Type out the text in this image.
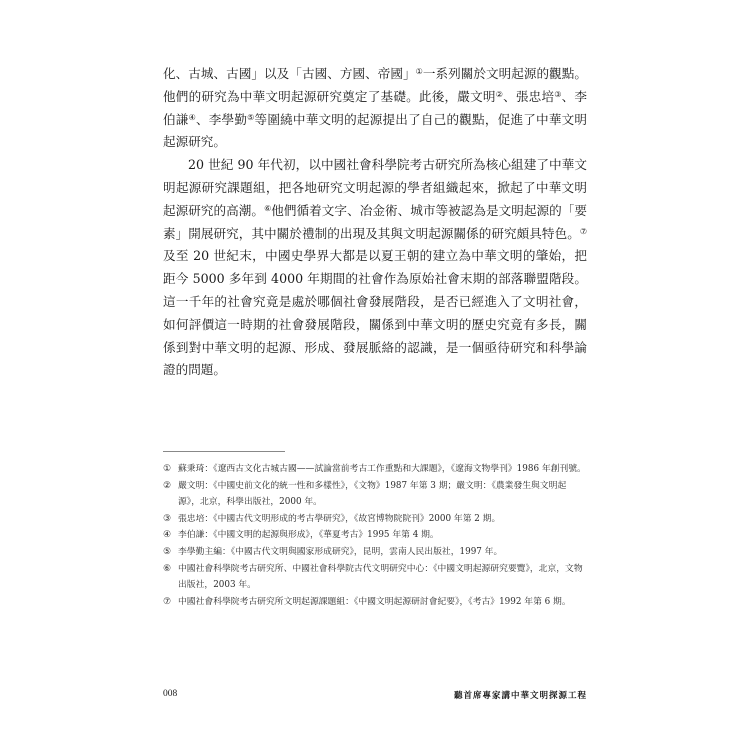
化、古城、古國」以及「古國、方國、帝國」①一系列關於文明起源的觀點。他們的研究為中華文明起源研究奠定了基礎。此後，嚴文明②、張忠培③、李伯謙④、李學勤⑤等圍繞中華文明的起源提出了自己的觀點，促進了中華文明起源研究。

20 世紀 90 年代初，以中國社會科學院考古研究所為核心組建了中華文明起源研究課題組，把各地研究文明起源的學者組織起來，掀起了中華文明起源研究的高潮。⑥他們循着文字、冶金術、城市等被認為是文明起源的「要素」開展研究，其中關於禮制的出現及其與文明起源關係的研究頗具特色。⑦及至 20 世紀末，中國史學界大都是以夏王朝的建立為中華文明的肇始，把距今 5000 多年到 4000 年期間的社會作為原始社會末期的部落聯盟階段。這一千年的社會究竟是處於哪個社會發展階段，是否已經進入了文明社會，如何評價這一時期的社會發展階段，關係到中華文明的歷史究竟有多長，關係到對中華文明的起源、形成、發展脈絡的認識，是一個亟待研究和科學論證的問題。

① 蘇秉琦：《遼西古文化古城古國——試論當前考古工作重點和大課題》，《遼海文物學刊》1986 年創刊號。
② 嚴文明：《中國史前文化的統一性和多樣性》，《文物》1987 年第 3 期；嚴文明：《農業發生與文明起源》，北京，科學出版社，2000 年。
③ 張忠培：《中國古代文明形成的考古學研究》，《故宮博物院院刊》2000 年第 2 期。
④ 李伯謙：《中國文明的起源與形成》，《華夏考古》1995 年第 4 期。
⑤ 李學勤主編：《中國古代文明與國家形成研究》，昆明，雲南人民出版社，1997 年。
⑥ 中國社會科學院考古研究所、中國社會科學院古代文明研究中心：《中國文明起源研究要覽》，北京，文物出版社，2003 年。
⑦ 中國社會科學院考古研究所文明起源課題組：《中國文明起源研討會紀要》，《考古》1992 年第 6 期。
008	聽首席專家講中華文明探源工程
